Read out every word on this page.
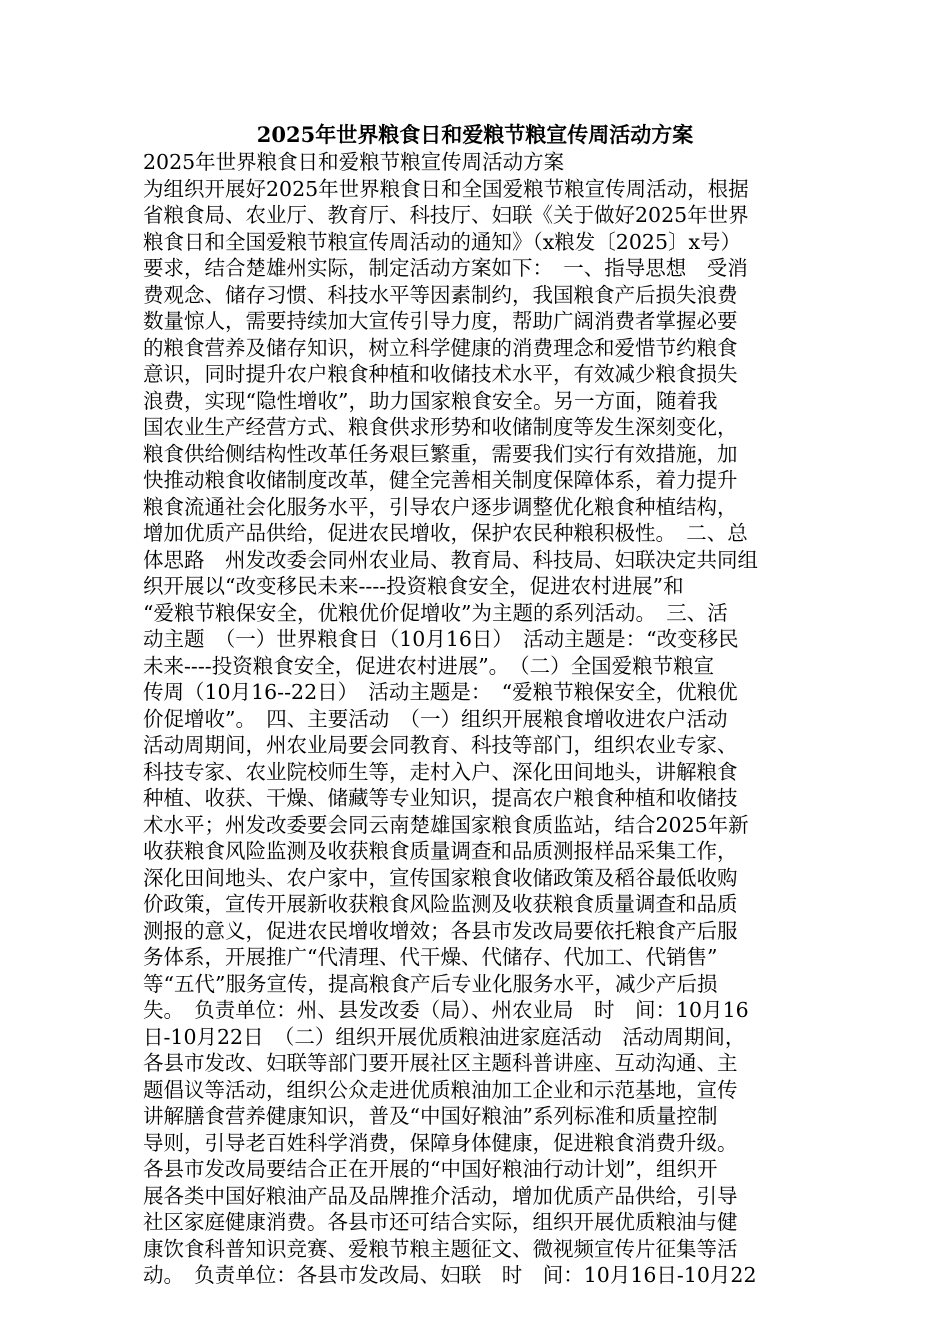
2025年世界粮食日和爱粮节粮宣传周活动方案
2025年世界粮食日和爱粮节粮宣传周活动方案
为组织开展好2025年世界粮食日和全国爱粮节粮宣传周活动，根据
省粮食局、农业厅、教育厅、科技厅、妇联《关于做好2025年世界
粮食日和全国爱粮节粮宣传周活动的通知》（x粮发〔2025〕x号）
要求，结合楚雄州实际，制定活动方案如下：　一、指导思想　受消
费观念、储存习惯、科技水平等因素制约，我国粮食产后损失浪费
数量惊人，需要持续加大宣传引导力度，帮助广阔消费者掌握必要
的粮食营养及储存知识，树立科学健康的消费理念和爱惜节约粮食
意识，同时提升农户粮食种植和收储技术水平，有效减少粮食损失
浪费，实现“隐性增收”，助力国家粮食安全。另一方面，随着我
国农业生产经营方式、粮食供求形势和收储制度等发生深刻变化，
粮食供给侧结构性改革任务艰巨繁重，需要我们实行有效措施，加
快推动粮食收储制度改革，健全完善相关制度保障体系，着力提升
粮食流通社会化服务水平，引导农户逐步调整优化粮食种植结构，
增加优质产品供给，促进农民增收，保护农民种粮积极性。　二、总
体思路　州发改委会同州农业局、教育局、科技局、妇联决定共同组
织开展以“改变移民未来----投资粮食安全，促进农村进展”和
“爱粮节粮保安全，优粮优价促增收”为主题的系列活动。　三、活
动主题　（一）世界粮食日（10月16日）　活动主题是：“改变移民
未来----投资粮食安全，促进农村进展”。　（二）全国爱粮节粮宣
传周（10月16--22日）　活动主题是：　“爱粮节粮保安全，优粮优
价促增收”。　四、主要活动　（一）组织开展粮食增收进农户活动
活动周期间，州农业局要会同教育、科技等部门，组织农业专家、
科技专家、农业院校师生等，走村入户、深化田间地头，讲解粮食
种植、收获、干燥、储藏等专业知识，提高农户粮食种植和收储技
术水平；州发改委要会同云南楚雄国家粮食质监站，结合2025年新
收获粮食风险监测及收获粮食质量调查和品质测报样品采集工作，
深化田间地头、农户家中，宣传国家粮食收储政策及稻谷最低收购
价政策，宣传开展新收获粮食风险监测及收获粮食质量调查和品质
测报的意义，促进农民增收增效；各县市发改局要依托粮食产后服
务体系，开展推广“代清理、代干燥、代储存、代加工、代销售”
等“五代”服务宣传，提高粮食产后专业化服务水平，减少产后损
失。　负责单位：州、县发改委（局）、州农业局　时　间：10月16
日-10月22日　（二）组织开展优质粮油进家庭活动　活动周期间，
各县市发改、妇联等部门要开展社区主题科普讲座、互动沟通、主
题倡议等活动，组织公众走进优质粮油加工企业和示范基地，宣传
讲解膳食营养健康知识，普及“中国好粮油”系列标准和质量控制
导则，引导老百姓科学消费，保障身体健康，促进粮食消费升级。
各县市发改局要结合正在开展的“中国好粮油行动计划”，组织开
展各类中国好粮油产品及品牌推介活动，增加优质产品供给，引导
社区家庭健康消费。各县市还可结合实际，组织开展优质粮油与健
康饮食科普知识竞赛、爱粮节粮主题征文、微视频宣传片征集等活
动。　负责单位：各县市发改局、妇联　时　间：10月16日-10月22
